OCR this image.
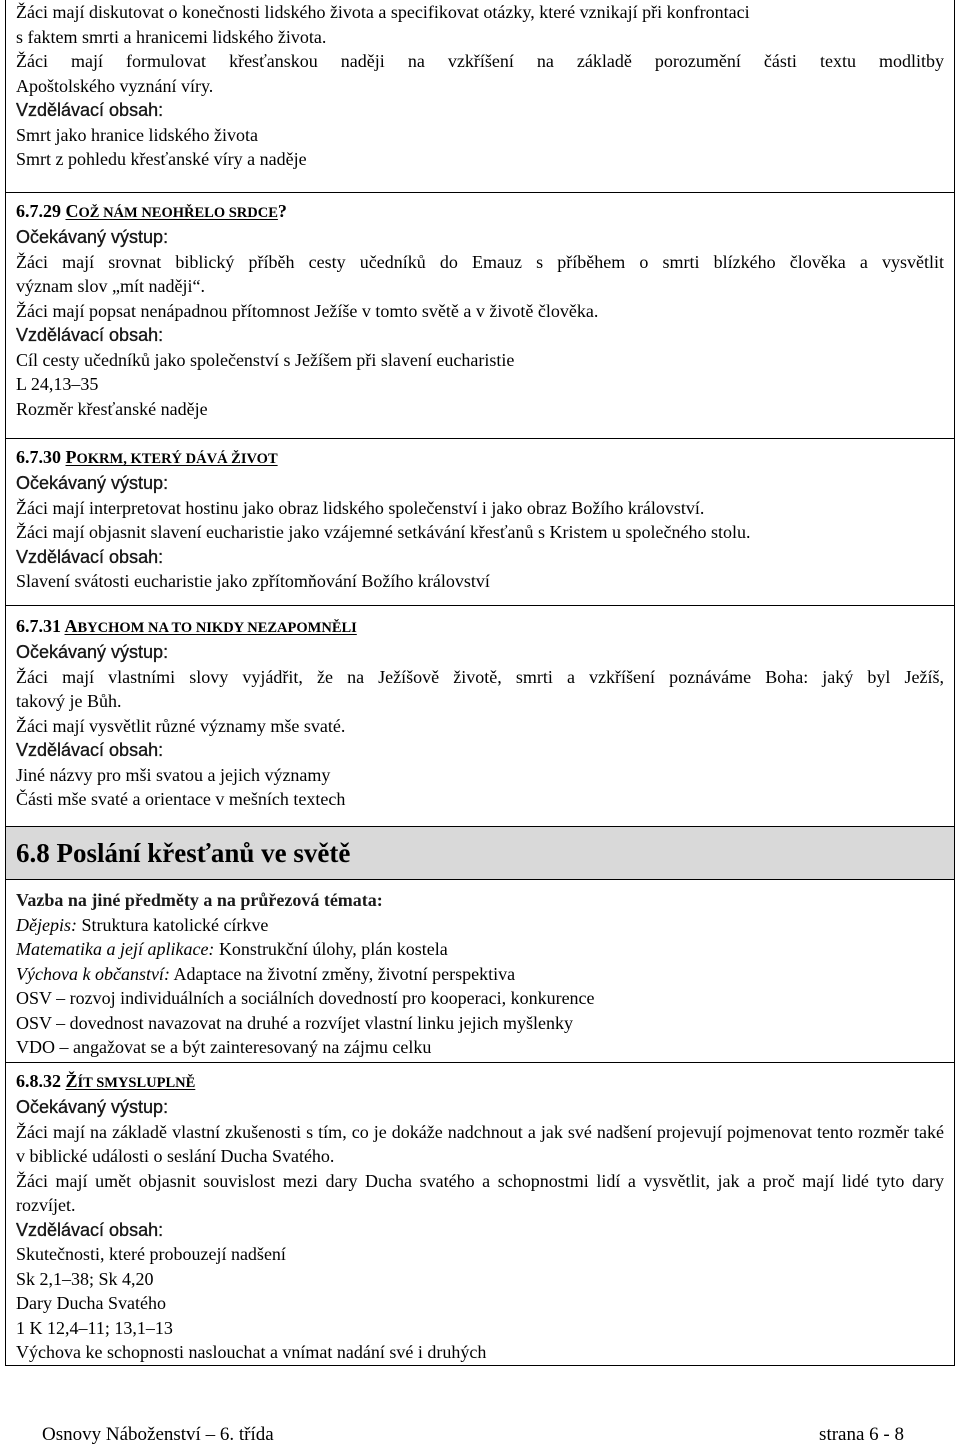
Žáci mají diskutovat o konečnosti lidského života a specifikovat otázky, které vznikají při konfrontaci
s faktem smrti a hranicemi lidského života.
Žáci mají formulovat křesťanskou naději na vzkříšení na základě porozumění části textu modlitby
Apoštolského vyznání víry.
Vzdělávací obsah:
Smrt jako hranice lidského života
Smrt z pohledu křesťanské víry a naděje
6.7.29 COŽ NÁM NEOHŘELO SRDCE?
Očekávaný výstup:
Žáci mají srovnat biblický příběh cesty učedníků do Emauz s příběhem o smrti blízkého člověka a vysvětlit
význam slov „mít naději“.
Žáci mají popsat nenápadnou přítomnost Ježíše v tomto světě a v životě člověka.
Vzdělávací obsah:
Cíl cesty učedníků jako společenství s Ježíšem při slavení eucharistie
L 24,13–35
Rozměr křesťanské naděje
6.7.30 POKRM, KTERÝ DÁVÁ ŽIVOT
Očekávaný výstup:
Žáci mají interpretovat hostinu jako obraz lidského společenství i jako obraz Božího království.
Žáci mají objasnit slavení eucharistie jako vzájemné setkávání křesťanů s Kristem u společného stolu.
Vzdělávací obsah:
Slavení svátosti eucharistie jako zpřítomňování Božího království
6.7.31 ABYCHOM NA TO NIKDY NEZAPOMNĚLI
Očekávaný výstup:
Žáci mají vlastními slovy vyjádřit, že na Ježíšově životě, smrti a vzkříšení poznáváme Boha: jaký byl Ježíš,
takový je Bůh.
Žáci mají vysvětlit různé významy mše svaté.
Vzdělávací obsah:
Jiné názvy pro mši svatou a jejich významy
Části mše svaté a orientace v mešních textech
6.8 Poslání křesťanů ve světě
Vazba na jiné předměty a na průřezová témata:
Dějepis: Struktura katolické církve
Matematika a její aplikace: Konstrukční úlohy, plán kostela
Výchova k občanství: Adaptace na životní změny, životní perspektiva
OSV – rozvoj individuálních a sociálních dovedností pro kooperaci, konkurence
OSV – dovednost navazovat na druhé a rozvíjet vlastní linku jejich myšlenky
VDO – angažovat se a být zainteresovaný na zájmu celku
6.8.32 ŽÍT SMYSLUPLNĚ
Očekávaný výstup:
Žáci mají na základě vlastní zkušenosti s tím, co je dokáže nadchnout a jak své nadšení projevují pojmenovat tento rozměr také v biblické události o seslání Ducha Svatého.
Žáci mají umět objasnit souvislost mezi dary Ducha svatého a schopnostmi lidí a vysvětlit, jak a proč mají lidé tyto dary rozvíjet.
Vzdělávací obsah:
Skutečnosti, které probouzejí nadšení
Sk 2,1–38; Sk 4,20
Dary Ducha Svatého
1 K 12,4–11; 13,1–13
Výchova ke schopnosti naslouchat a vnímat nadání své i druhých
Osnovy Náboženství – 6. třída	strana 6 - 8
